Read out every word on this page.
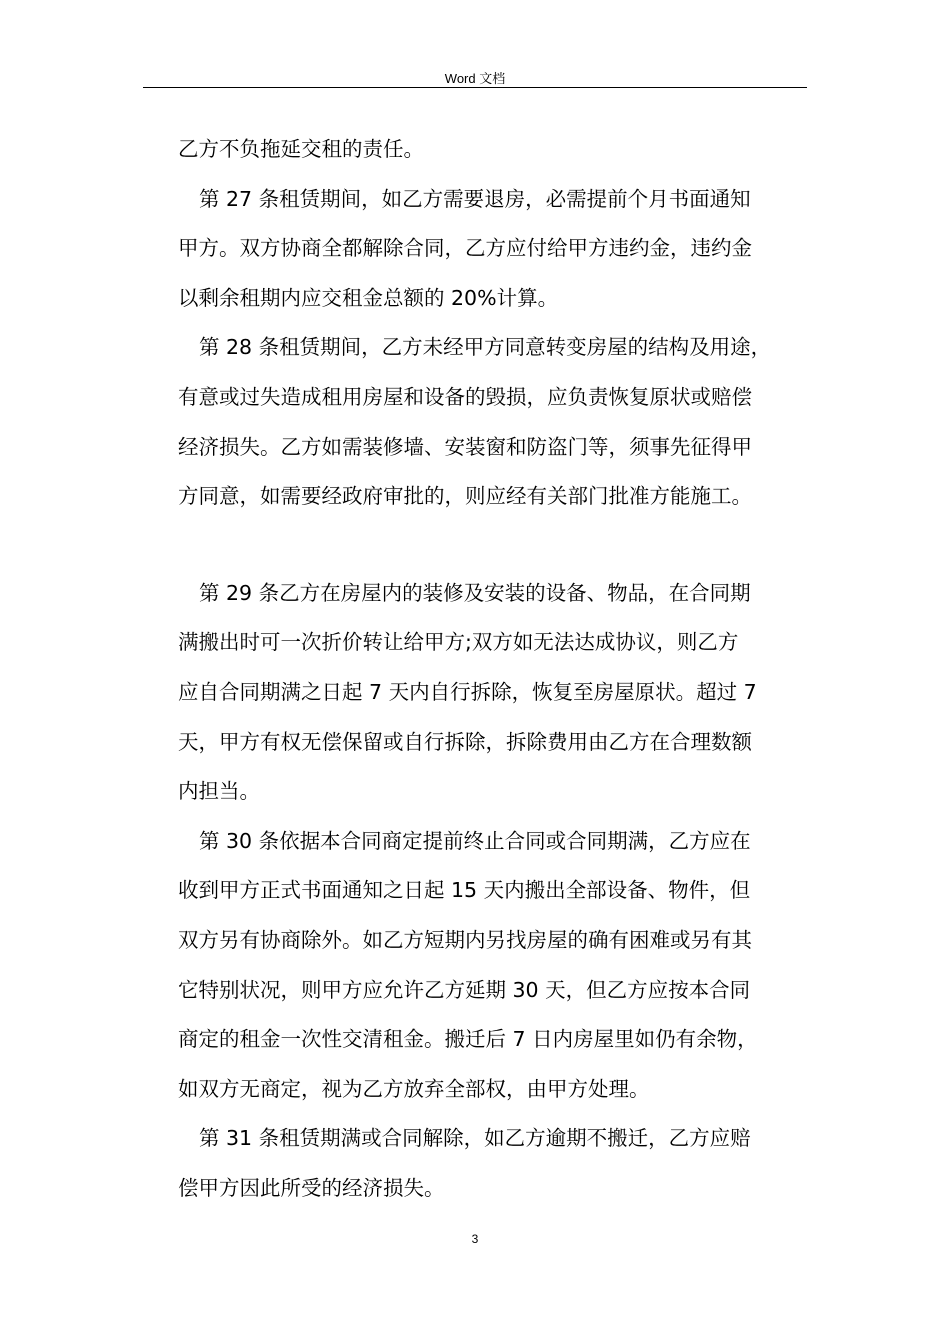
Word 文档
乙方不负拖延交租的责任。
第 27 条租赁期间，如乙方需要退房，必需提前个月书面通知
甲方。双方协商全都解除合同，乙方应付给甲方违约金，违约金
以剩余租期内应交租金总额的 20%计算。
第 28 条租赁期间，乙方未经甲方同意转变房屋的结构及用途，
有意或过失造成租用房屋和设备的毁损，应负责恢复原状或赔偿
经济损失。乙方如需装修墙、安装窗和防盗门等，须事先征得甲
方同意，如需要经政府审批的，则应经有关部门批准方能施工。
第 29 条乙方在房屋内的装修及安装的设备、物品，在合同期
满搬出时可一次折价转让给甲方;双方如无法达成协议，则乙方
应自合同期满之日起 7 天内自行拆除，恢复至房屋原状。超过 7
天，甲方有权无偿保留或自行拆除，拆除费用由乙方在合理数额
内担当。
第 30 条依据本合同商定提前终止合同或合同期满，乙方应在
收到甲方正式书面通知之日起 15 天内搬出全部设备、物件，但
双方另有协商除外。如乙方短期内另找房屋的确有困难或另有其
它特别状况，则甲方应允许乙方延期 30 天，但乙方应按本合同
商定的租金一次性交清租金。搬迁后 7 日内房屋里如仍有余物，
如双方无商定，视为乙方放弃全部权，由甲方处理。
第 31 条租赁期满或合同解除，如乙方逾期不搬迁，乙方应赔
偿甲方因此所受的经济损失。
3
